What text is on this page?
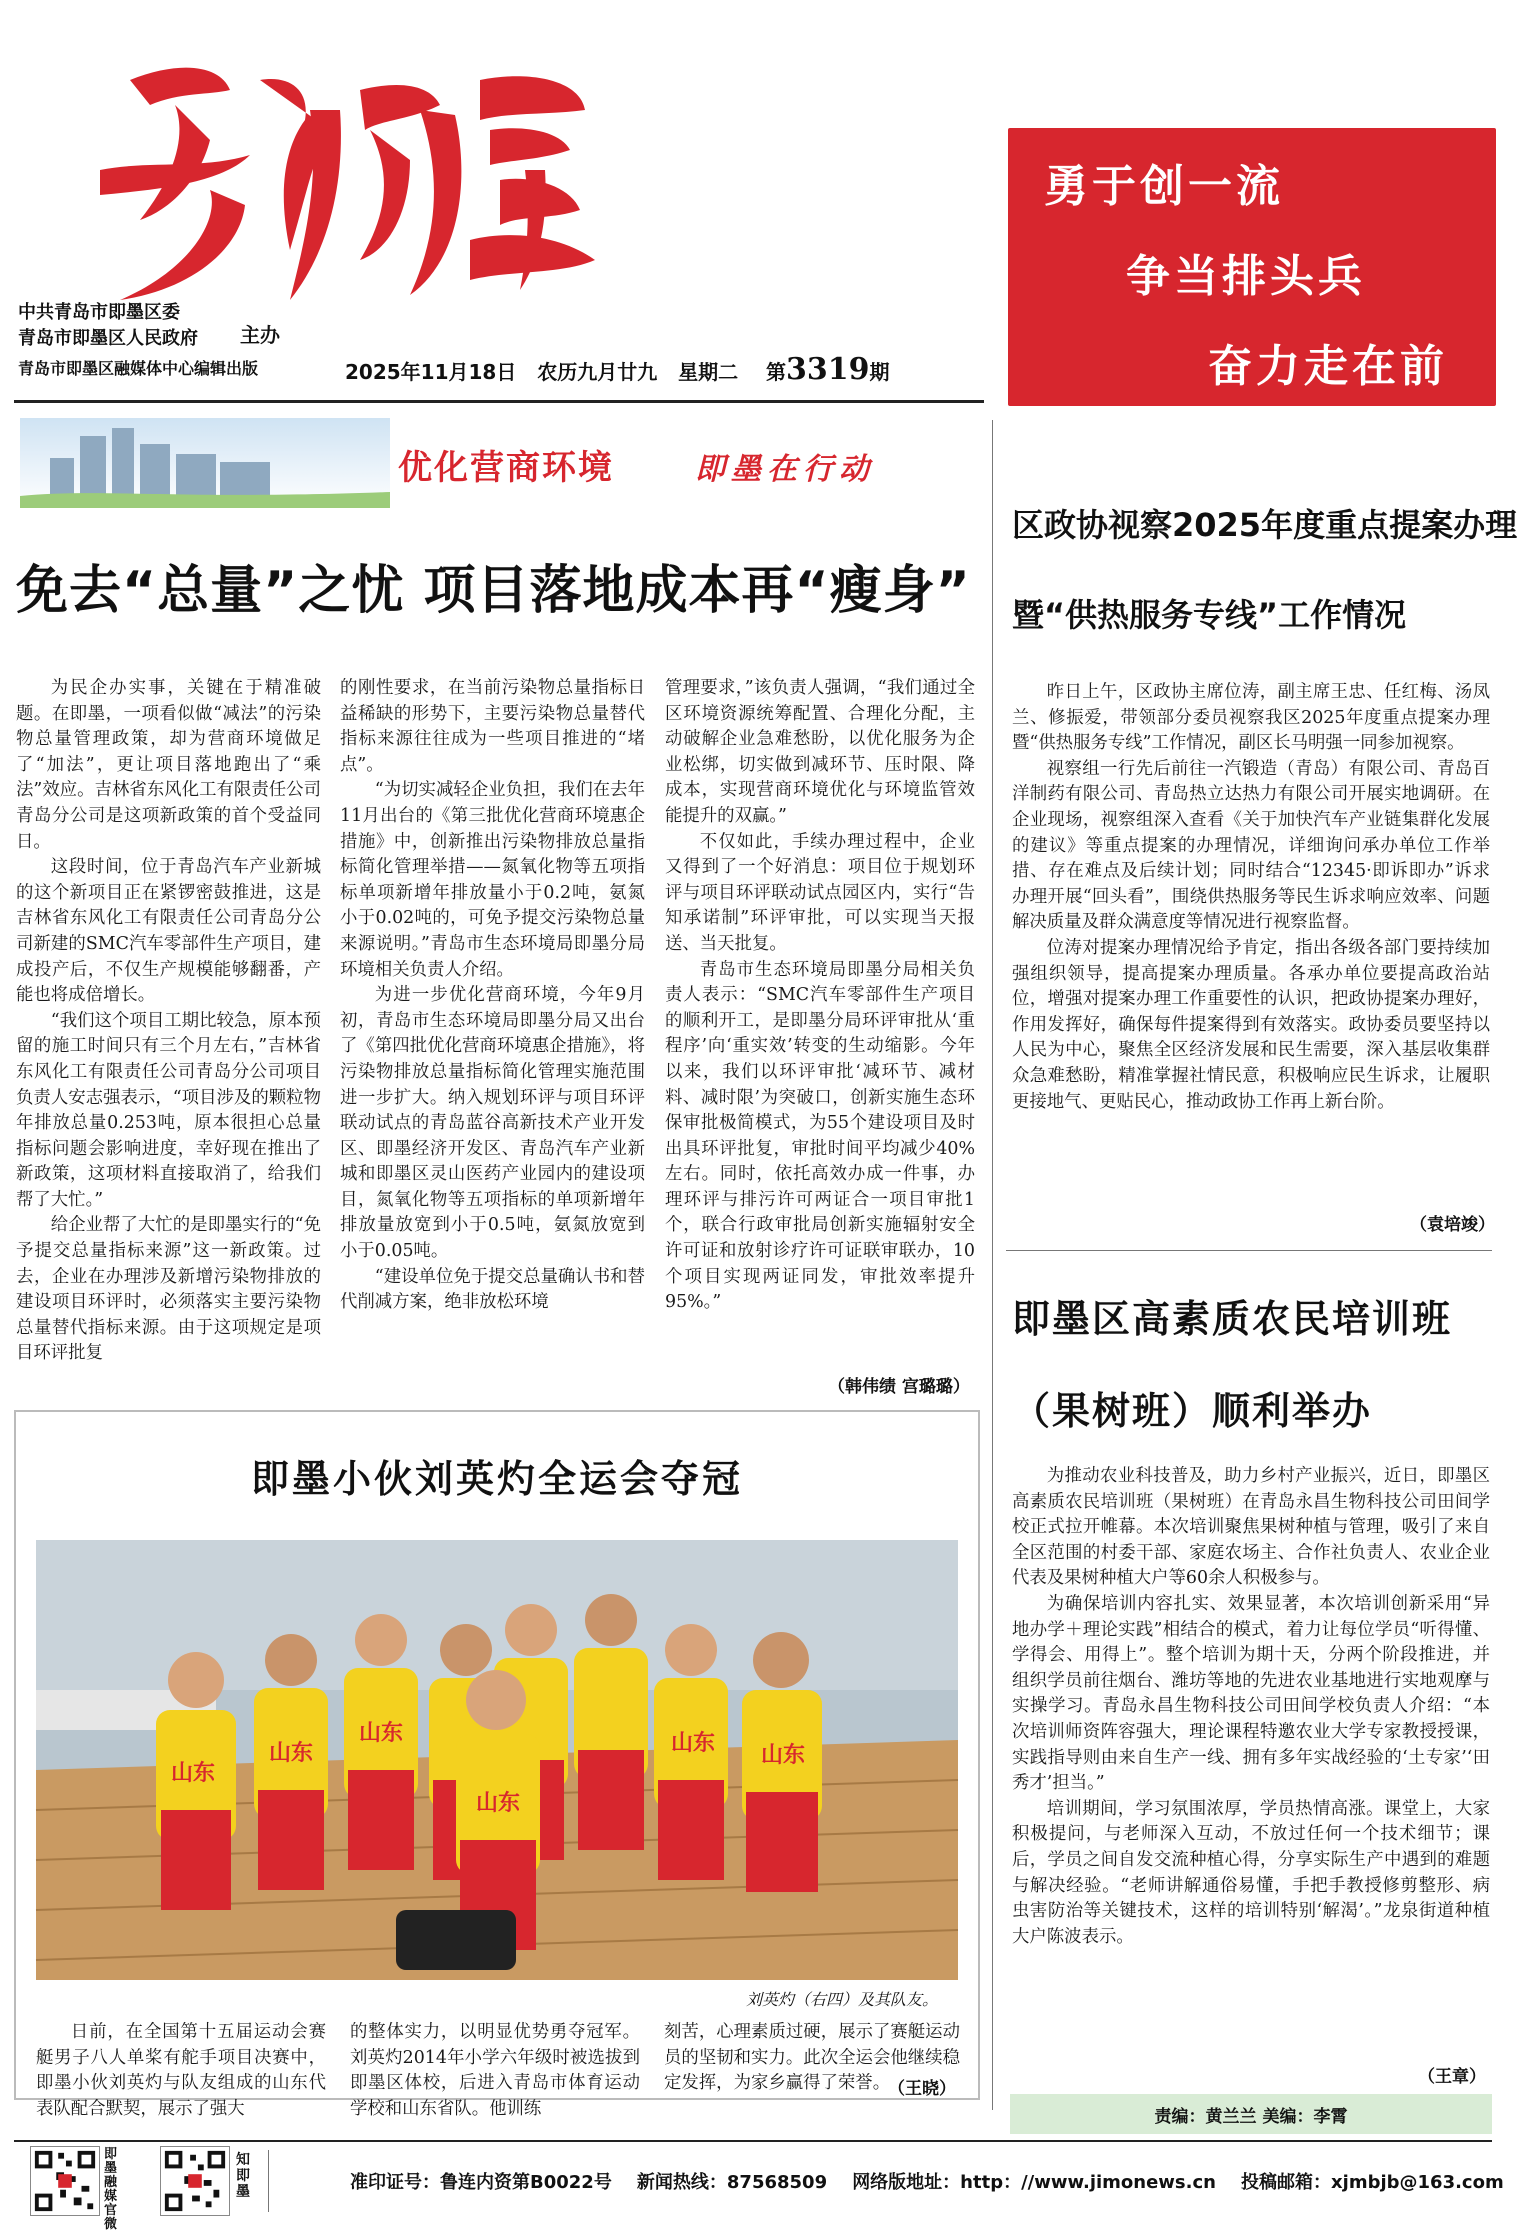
新即墨
中共青岛市即墨区委
青岛市即墨区人民政府 主办
青岛市即墨区融媒体中心编辑出版	2025年11月18日 农历九月廿九 星期二 第3319期
勇于创一流
争当排头兵
奋力走在前
优化营商环境	即墨在行动
免去“总量”之忧 项目落地成本再“瘦身”

为民企办实事，关键在于精准破题。在即墨，一项看似做“减法”的污染物总量管理政策，却为营商环境做足了“加法”，更让项目落地跑出了“乘法”效应。吉林省东风化工有限责任公司青岛分公司是这项新政策的首个受益同日。

这段时间，位于青岛汽车产业新城的这个新项目正在紧锣密鼓推进，这是吉林省东风化工有限责任公司青岛分公司新建的SMC汽车零部件生产项目，建成投产后，不仅生产规模能够翻番，产能也将成倍增长。

“我们这个项目工期比较急，原本预留的施工时间只有三个月左右，”吉林省东风化工有限责任公司青岛分公司项目负责人安志强表示，“项目涉及的颗粒物年排放总量0.253吨，原本很担心总量指标问题会影响进度，幸好现在推出了新政策，这项材料直接取消了，给我们帮了大忙。”

给企业帮了大忙的是即墨实行的“免予提交总量指标来源”这一新政策。过去，企业在办理涉及新增污染物排放的建设项目环评时，必须落实主要污染物总量替代指标来源。由于这项规定是项目环评批复

的刚性要求，在当前污染物总量指标日益稀缺的形势下，主要污染物总量替代指标来源往往成为一些项目推进的“堵点”。

“为切实减轻企业负担，我们在去年11月出台的《第三批优化营商环境惠企措施》中，创新推出污染物排放总量指标简化管理举措——氮氧化物等五项指标单项新增年排放量小于0.2吨，氨氮小于0.02吨的，可免予提交污染物总量来源说明。”青岛市生态环境局即墨分局环境相关负责人介绍。

为进一步优化营商环境，今年9月初，青岛市生态环境局即墨分局又出台了《第四批优化营商环境惠企措施》，将污染物排放总量指标简化管理实施范围进一步扩大。纳入规划环评与项目环评联动试点的青岛蓝谷高新技术产业开发区、即墨经济开发区、青岛汽车产业新城和即墨区灵山医药产业园内的建设项目，氮氧化物等五项指标的单项新增年排放量放宽到小于0.5吨，氨氮放宽到小于0.05吨。

“建设单位免于提交总量确认书和替代削减方案，绝非放松环境

管理要求，”该负责人强调，“我们通过全区环境资源统筹配置、合理化分配，主动破解企业急难愁盼，以优化服务为企业松绑，切实做到减环节、压时限、降成本，实现营商环境优化与环境监管效能提升的双赢。”

不仅如此，手续办理过程中，企业又得到了一个好消息：项目位于规划环评与项目环评联动试点园区内，实行“告知承诺制”环评审批，可以实现当天报送、当天批复。

青岛市生态环境局即墨分局相关负责人表示：“SMC汽车零部件生产项目的顺利开工，是即墨分局环评审批从‘重程序’向‘重实效’转变的生动缩影。今年以来，我们以环评审批‘减环节、减材料、减时限’为突破口，创新实施生态环保审批极简模式，为55个建设项目及时出具环评批复，审批时间平均减少40%左右。同时，依托高效办成一件事，办理环评与排污许可两证合一项目审批1个，联合行政审批局创新实施辐射安全许可证和放射诊疗许可证联审联办，10个项目实现两证同发，审批效率提升95%。”

（韩伟绩 宫璐璐）
即墨小伙刘英灼全运会夺冠
山东
山东
山东
山东
山东 山东
刘英灼（右四）及其队友。

日前，在全国第十五届运动会赛艇男子八人单桨有舵手项目决赛中，即墨小伙刘英灼与队友组成的山东代表队配合默契，展示了强大

的整体实力，以明显优势勇夺冠军。刘英灼2014年小学六年级时被选拔到即墨区体校，后进入青岛市体育运动学校和山东省队。他训练

刻苦，心理素质过硬，展示了赛艇运动员的坚韧和实力。此次全运会他继续稳定发挥，为家乡赢得了荣誉。

（王晓）
区政协视察2025年度重点提案办理
暨“供热服务专线”工作情况

昨日上午，区政协主席位涛，副主席王忠、任红梅、汤凤兰、修振爱，带领部分委员视察我区2025年度重点提案办理暨“供热服务专线”工作情况，副区长马明强一同参加视察。

视察组一行先后前往一汽锻造（青岛）有限公司、青岛百洋制药有限公司、青岛热立达热力有限公司开展实地调研。在企业现场，视察组深入查看《关于加快汽车产业链集群化发展的建议》等重点提案的办理情况，详细询问承办单位工作举措、存在难点及后续计划；同时结合“12345·即诉即办”诉求办理开展“回头看”，围绕供热服务等民生诉求响应效率、问题解决质量及群众满意度等情况进行视察监督。

位涛对提案办理情况给予肯定，指出各级各部门要持续加强组织领导，提高提案办理质量。各承办单位要提高政治站位，增强对提案办理工作重要性的认识，把政协提案办理好，作用发挥好，确保每件提案得到有效落实。政协委员要坚持以人民为中心，聚焦全区经济发展和民生需要，深入基层收集群众急难愁盼，精准掌握社情民意，积极响应民生诉求，让履职更接地气、更贴民心，推动政协工作再上新台阶。

（袁培竣）
即墨区高素质农民培训班
（果树班）顺利举办

为推动农业科技普及，助力乡村产业振兴，近日，即墨区高素质农民培训班（果树班）在青岛永昌生物科技公司田间学校正式拉开帷幕。本次培训聚焦果树种植与管理，吸引了来自全区范围的村委干部、家庭农场主、合作社负责人、农业企业代表及果树种植大户等60余人积极参与。

为确保培训内容扎实、效果显著，本次培训创新采用“异地办学＋理论实践”相结合的模式，着力让每位学员“听得懂、学得会、用得上”。整个培训为期十天，分两个阶段推进，并组织学员前往烟台、潍坊等地的先进农业基地进行实地观摩与实操学习。青岛永昌生物科技公司田间学校负责人介绍：“本次培训师资阵容强大，理论课程特邀农业大学专家教授授课，实践指导则由来自生产一线、拥有多年实战经验的‘土专家’‘田秀才’担当。”

培训期间，学习氛围浓厚，学员热情高涨。课堂上，大家积极提问，与老师深入互动，不放过任何一个技术细节；课后，学员之间自发交流种植心得，分享实际生产中遇到的难题与解决经验。“老师讲解通俗易懂，手把手教授修剪整形、病虫害防治等关键技术，这样的培训特别‘解渴’。”龙泉街道种植大户陈波表示。

（王章）
责编：黄兰兰 美编：李霄
即墨融媒官微
知即墨	准印证号：鲁连内资第B0022号 新闻热线：87568509 网络版地址：http：//www.jimonews.cn 投稿邮箱：xjmbjb@163.com
